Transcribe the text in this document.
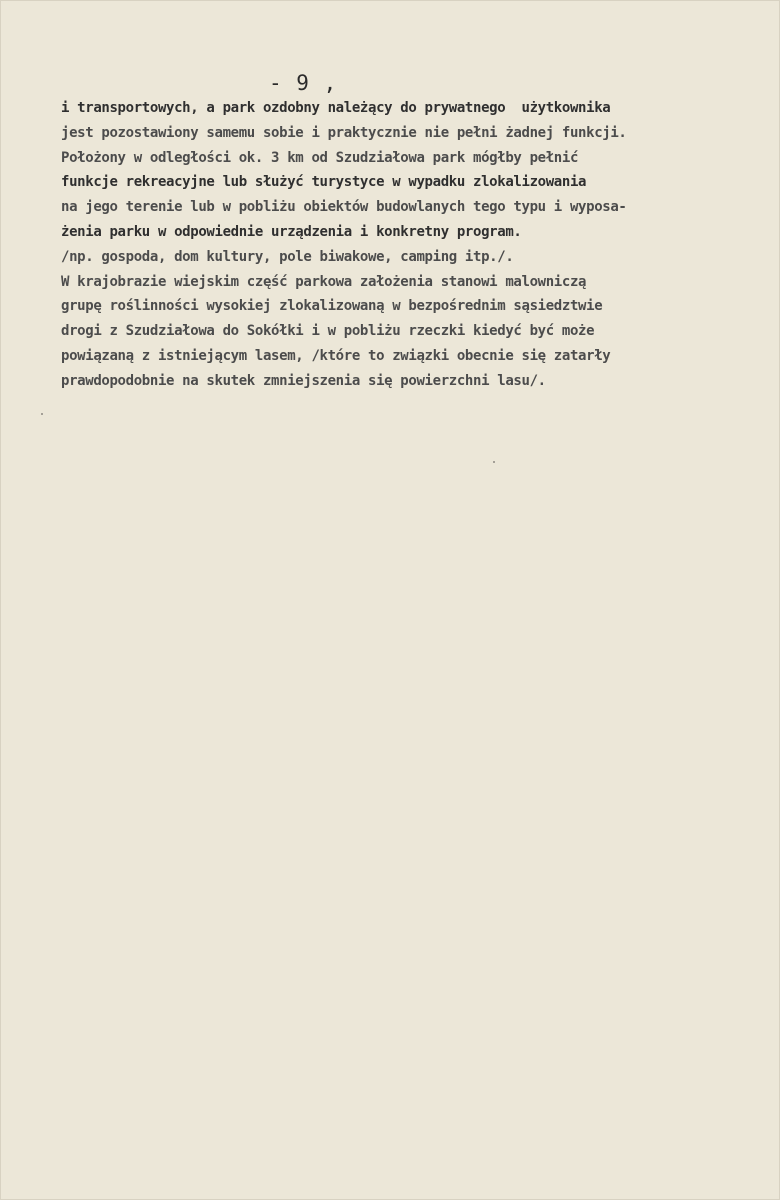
- 9 ,
i transportowych, a park ozdobny należący do prywatnego  użytkownika
jest pozostawiony samemu sobie i praktycznie nie pełni żadnej funkcji.
Położony w odległości ok. 3 km od Szudziałowa park mógłby pełnić
funkcje rekreacyjne lub służyć turystyce w wypadku zlokalizowania
na jego terenie lub w pobliżu obiektów budowlanych tego typu i wyposa-
żenia parku w odpowiednie urządzenia i konkretny program.
/np. gospoda, dom kultury, pole biwakowe, camping itp./.
W krajobrazie wiejskim część parkowa założenia stanowi malowniczą
grupę roślinności wysokiej zlokalizowaną w bezpośrednim sąsiedztwie
drogi z Szudziałowa do Sokółki i w pobliżu rzeczki kiedyć być może
powiązaną z istniejącym lasem, /które to związki obecnie się zatarły
prawdopodobnie na skutek zmniejszenia się powierzchni lasu/.
